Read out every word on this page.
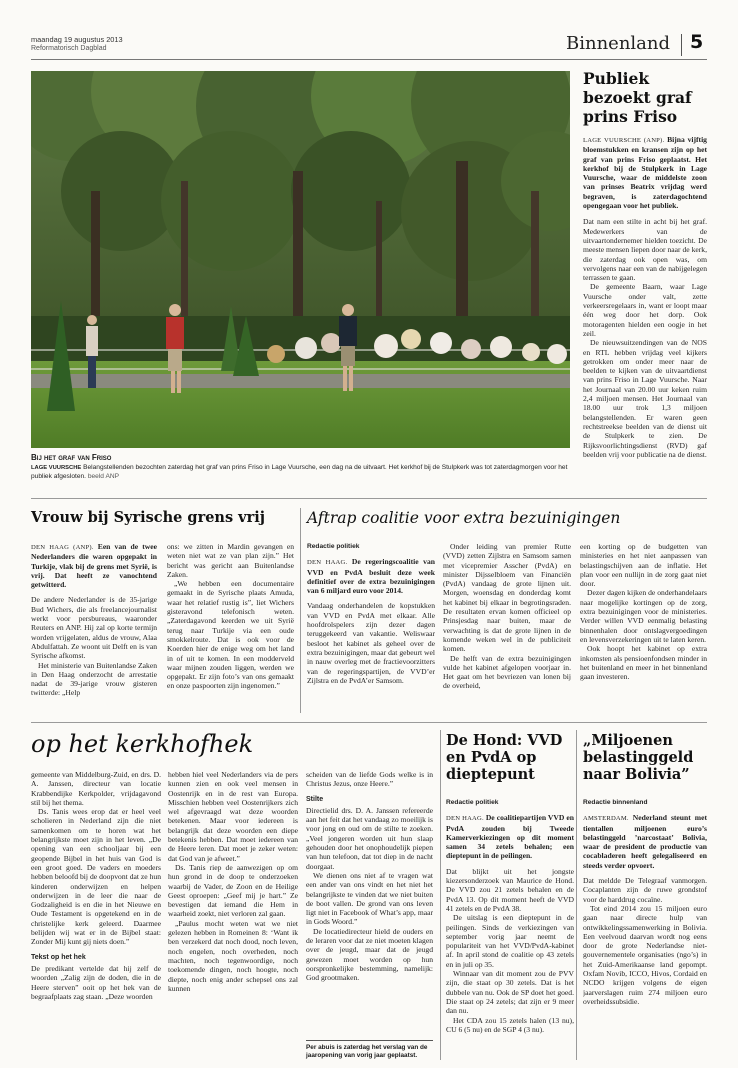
maandag 19 augustus 2013
Reformatorisch Dagblad	Binnenland 5
Bij het graf van Friso
LAGE VUURSCHE Belangstellenden bezochten zaterdag het graf van prins Friso in Lage Vuursche, een dag na de uitvaart. Het kerkhof bij de Stulpkerk was tot zaterdagmorgen voor het publiek afgesloten. beeld ANP
Publiek bezoekt graf prins Friso

LAGE VUURSCHE (ANP). Bijna vijftig bloemstukken en kransen zijn op het graf van prins Friso geplaatst. Het kerkhof bij de Stulpkerk in Lage Vuursche, waar de middelste zoon van prinses Beatrix vrijdag werd begraven, is zaterdagochtend opengegaan voor het publiek.

Dat nam een stilte in acht bij het graf. Medewerkers van de uitvaartondernemer hielden toezicht. De meeste mensen liepen door naar de kerk, die zaterdag ook open was, om vervolgens naar een van de nabijgelegen terrassen te gaan.

De gemeente Baarn, waar Lage Vuursche onder valt, zette verkeersregelaars in, want er loopt maar één weg door het dorp. Ook motoragenten hielden een oogje in het zeil.

De nieuwsuitzendingen van de NOS en RTL hebben vrijdag veel kijkers getrokken om onder meer naar de beelden te kijken van de uitvaartdienst van prins Friso in Lage Vuursche. Naar het Journaal van 20.00 uur keken ruim 2,4 miljoen mensen. Het Journaal van 18.00 uur trok 1,3 miljoen belangstellenden. Er waren geen rechtstreekse beelden van de dienst uit de Stulpkerk te zien. De Rijksvoorlichtingsdienst (RVD) gaf beelden vrij voor publicatie na de dienst.

Vrouw bij Syrische grens vrij

DEN HAAG (ANP). Een van de twee Nederlanders die waren opgepakt in Turkije, vlak bij de grens met Syrië, is vrij. Dat heeft ze vanochtend getwitterd.

De andere Nederlander is de 35-jarige Bud Wichers, die als freelancejournalist werkt voor persbureaus, waaronder Reuters en ANP. Hij zal op korte termijn worden vrijgelaten, aldus de vrouw, Alaa Abdulfattah. Ze woont uit Delft en is van Syrische afkomst.

Het ministerie van Buitenlandse Zaken in Den Haag onderzocht de arrestatie nadat de 39-jarige vrouw gisteren twitterde: „Help

ons: we zitten in Mardin gevangen en weten niet wat ze van plan zijn.” Het bericht was gericht aan Buitenlandse Zaken.

„We hebben een documentaire gemaakt in de Syrische plaats Amuda, waar het relatief rustig is”, liet Wichers gisteravond telefonisch weten. „Zaterdagavond keerden we uit Syrië terug naar Turkije via een oude smokkelroute. Dat is ook voor de Koerden hier de enige weg om het land in of uit te komen. In een modderveld waar mijnen zouden liggen, werden we opgepakt. Er zijn foto’s van ons gemaakt en onze paspoorten zijn ingenomen.”

Aftrap coalitie voor extra bezuinigingen
Redactie politiek

DEN HAAG. De regeringscoalitie van VVD en PvdA besluit deze week definitief over de extra bezuinigingen van 6 miljard euro voor 2014.

Vandaag onderhandelen de kopstukken van VVD en PvdA met elkaar. Alle hoofdrolspelers zijn dezer dagen teruggekeerd van vakantie. Weliswaar besloot het kabinet als geheel over de extra bezuinigingen, maar dat gebeurt wel in nauw overleg met de fractievoorzitters van de regeringspartijen, de VVD’er Zijlstra en de PvdA’er Samsom.

Onder leiding van premier Rutte (VVD) zetten Zijlstra en Samsom samen met vicepremier Asscher (PvdA) en minister Dijsselbloem van Financiën (PvdA) vandaag de grote lijnen uit. Morgen, woensdag en donderdag komt het kabinet bij elkaar in begrotingsraden. De resultaten ervan komen officieel op Prinsjesdag naar buiten, maar de verwachting is dat de grote lijnen in de komende weken wel in de publiciteit komen.

De helft van de extra bezuinigingen vulde het kabinet afgelopen voorjaar in. Het gaat om het bevriezen van lonen bij de overheid,

een korting op de budgetten van ministeries en het niet aanpassen van belastingschijven aan de inflatie. Het plan voor een nullijn in de zorg gaat niet door.

Dezer dagen kijken de onderhandelaars naar mogelijke kortingen op de zorg, extra bezuinigingen voor de ministeries. Verder willen VVD eenmalig belasting binnenhalen door ontslagvergoedingen en levensverzekeringen uit te laten keren.

Ook hoopt het kabinet op extra inkomsten als pensioenfondsen minder in het buitenland en meer in het binnenland gaan investeren.

op het kerkhofhek

gemeente van Middelburg-Zuid, en drs. D. A. Janssen, directeur van locatie Krabbendijke Kerkpolder, vrijdagavond stil bij het thema.

Ds. Tanis wees erop dat er heel veel scholieren in Nederland zijn die niet samenkomen om te horen wat het belangrijkste moet zijn in het leven. „De opening van een schooljaar bij een geopende Bijbel in het huis van God is een groot goed. De vaders en moeders hebben beloofd bij de doopvont dat ze hun kinderen onderwijzen en helpen onderwijzen in de leer die naar de Godzaligheid is en die in het Nieuwe en Oude Testament is opgetekend en in de christelijke kerk geleerd. Daarmee belijden wij wat er in de Bijbel staat: Zonder Mij kunt gij niets doen.”

Tekst op het hek

De predikant vertelde dat hij zelf de woorden „Zalig zijn de doden, die in de Heere sterven” ooit op het hek van de begraafplaats zag staan. „Deze woorden

hebben hiel veel Nederlanders via de pers kunnen zien en ook veel mensen in Oostenrijk en in de rest van Europa. Misschien hebben veel Oostenrijkers zich wel afgevraagd wat deze woorden betekenen. Maar voor iedereen is belangrijk dat deze woorden een diepe betekenis hebben. Dat moet iedereen van de Heere leren. Dat moet je zeker weten: dat God van je afweet.”

Ds. Tanis riep de aanwezigen op om hun grond in de doop te onderzoeken waarbij de Vader, de Zoon en de Heilige Geest oproepen: „Geef mij je hart.” Ze bevestigen dat iemand die Hem in waarheid zoekt, niet verloren zal gaan.

„Paulus mocht weten wat we niet gelezen hebben in Romeinen 8: ‘Want ik ben verzekerd dat noch dood, noch leven, noch engelen, noch overheden, noch machten, noch tegenwoordige, noch toekomende dingen, noch hoogte, noch diepte, noch enig ander schepsel ons zal kunnen

scheiden van de liefde Gods welke is in Christus Jezus, onze Heere.”

Stilte

Directielid drs. D. A. Janssen refereerde aan het feit dat het vandaag zo moeilijk is voor jong en oud om de stilte te zoeken. „Veel jongeren worden uit hun slaap gehouden door het onophoudelijk piepen van hun telefoon, dat tot diep in de nacht doorgaat.

We dienen ons niet af te vragen wat een ander van ons vindt en het niet het belangrijkste te vinden dat we niet buiten de boot vallen. De grond van ons leven ligt niet in Facebook of What’s app, maar in Gods Woord.”

De locatiedirecteur hield de ouders en de leraren voor dat ze niet moeten klagen over de jeugd, maar dat de jeugd gewezen moet worden op hun oorspronkelijke bestemming, namelijk: God grootmaken.

Per abuis is zaterdag het verslag van de jaaropening van vorig jaar geplaatst.
De Hond: VVD en PvdA op dieptepunt
Redactie politiek

DEN HAAG. De coalitiepartijen VVD en PvdA zouden bij Tweede Kamerverkiezingen op dit moment samen 34 zetels behalen; een dieptepunt in de peilingen.

Dat blijkt uit het jongste kiezersonderzoek van Maurice de Hond. De VVD zou 21 zetels behalen en de PvdA 13. Op dit moment heeft de VVD 41 zetels en de PvdA 38.

De uitslag is een dieptepunt in de peilingen. Sinds de verkiezingen van september vorig jaar neemt de populariteit van het VVD/PvdA-kabinet af. In april stond de coalitie op 43 zetels en in juli op 35.

Winnaar van dit moment zou de PVV zijn, die staat op 30 zetels. Dat is het dubbele van nu. Ook de SP doet het goed. Die staat op 24 zetels; dat zijn er 9 meer dan nu.

Het CDA zou 15 zetels halen (13 nu), CU 6 (5 nu) en de SGP 4 (3 nu).

„Miljoenen belastinggeld naar Bolivia”
Redactie binnenland

AMSTERDAM. Nederland steunt met tientallen miljoenen euro’s belastinggeld ’narcostaat’ Bolivia, waar de president de productie van cocabladeren heeft gelegaliseerd en steeds verder opvoert.

Dat meldde De Telegraaf vanmorgen. Cocaplanten zijn de ruwe grondstof voor de harddrug cocaïne.

Tot eind 2014 zou 15 miljoen euro gaan naar directe hulp van ontwikkelingssamenwerking in Bolivia. Een veelvoud daarvan wordt nog eens door de grote Nederlandse niet-gouvernementele organisaties (ngo’s) in het Zuid-Amerikaanse land gepompt. Oxfam Novib, ICCO, Hivos, Cordaid en NCDO krijgen volgens de eigen jaarverslagen ruim 274 miljoen euro overheidssubsidie.
